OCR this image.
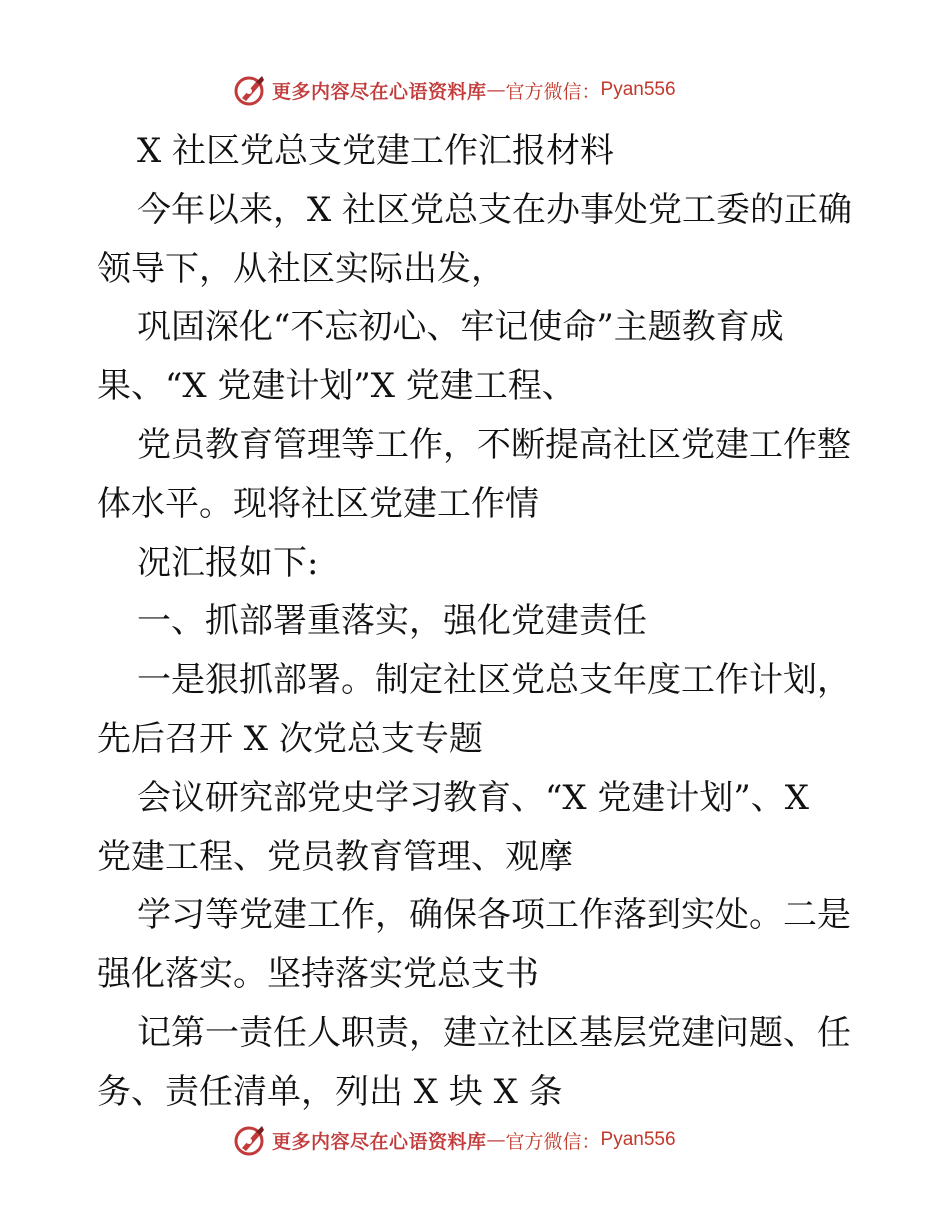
更多内容尽在心语资料库 — 官方微信： Pyan556
X 社区党总支党建工作汇报材料
今年以来，X 社区党总支在办事处党工委的正确
领导下，从社区实际出发，
巩固深化“不忘初心、牢记使命”主题教育成
果、“X 党建计划”X 党建工程、
党员教育管理等工作，不断提高社区党建工作整
体水平。现将社区党建工作情
况汇报如下:
一、抓部署重落实，强化党建责任
一是狠抓部署。制定社区党总支年度工作计划，
先后召开 X 次党总支专题
会议研究部党史学习教育、“X 党建计划”、X
党建工程、党员教育管理、观摩
学习等党建工作，确保各项工作落到实处。二是
强化落实。坚持落实党总支书
记第一责任人职责，建立社区基层党建问题、任
务、责任清单，列出 X 块 X 条
更多内容尽在心语资料库 — 官方微信： Pyan556
